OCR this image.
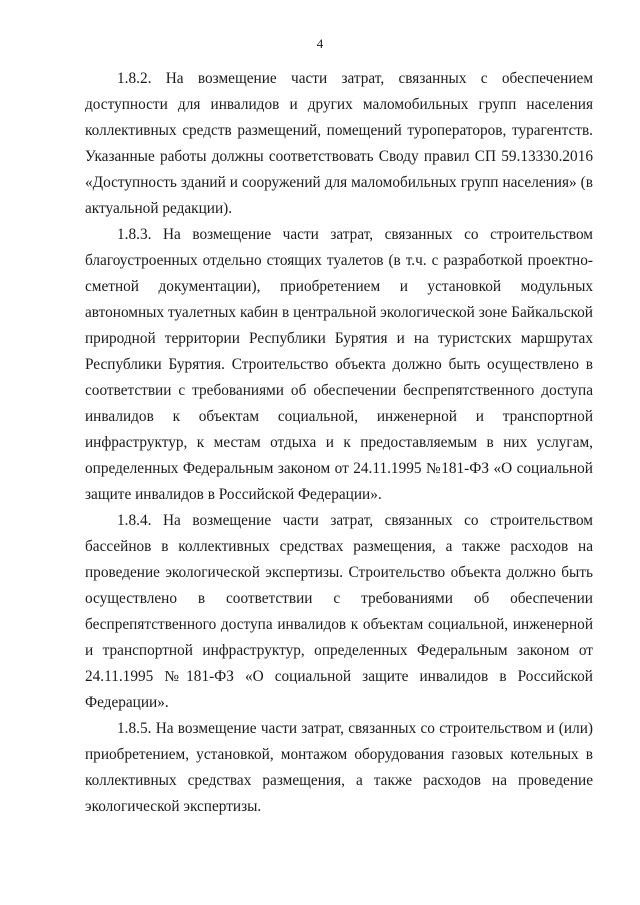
4

1.8.2. На возмещение части затрат, связанных с обеспечением доступности для инвалидов и других маломобильных групп населения коллективных средств размещений, помещений туроператоров, турагентств. Указанные работы должны соответствовать Своду правил СП 59.13330.2016 «Доступность зданий и сооружений для маломобильных групп населения» (в актуальной редакции).

1.8.3. На возмещение части затрат, связанных со строительством благоустроенных отдельно стоящих туалетов (в т.ч. с разработкой проектно-сметной документации), приобретением и установкой модульных автономных туалетных кабин в центральной экологической зоне Байкальской природной территории Республики Бурятия и на туристских маршрутах Республики Бурятия. Строительство объекта должно быть осуществлено в соответствии с требованиями об обеспечении беспрепятственного доступа инвалидов к объектам социальной, инженерной и транспортной инфраструктур, к местам отдыха и к предоставляемым в них услугам, определенных Федеральным законом от 24.11.1995 №181-ФЗ «О социальной защите инвалидов в Российской Федерации».

1.8.4. На возмещение части затрат, связанных со строительством бассейнов в коллективных средствах размещения, а также расходов на проведение экологической экспертизы. Строительство объекта должно быть осуществлено в соответствии с требованиями об обеспечении беспрепятственного доступа инвалидов к объектам социальной, инженерной и транспортной инфраструктур, определенных Федеральным законом от 24.11.1995 №181-ФЗ «О социальной защите инвалидов в Российской Федерации».

1.8.5. На возмещение части затрат, связанных со строительством и (или) приобретением, установкой, монтажом оборудования газовых котельных в коллективных средствах размещения, а также расходов на проведение экологической экспертизы.
